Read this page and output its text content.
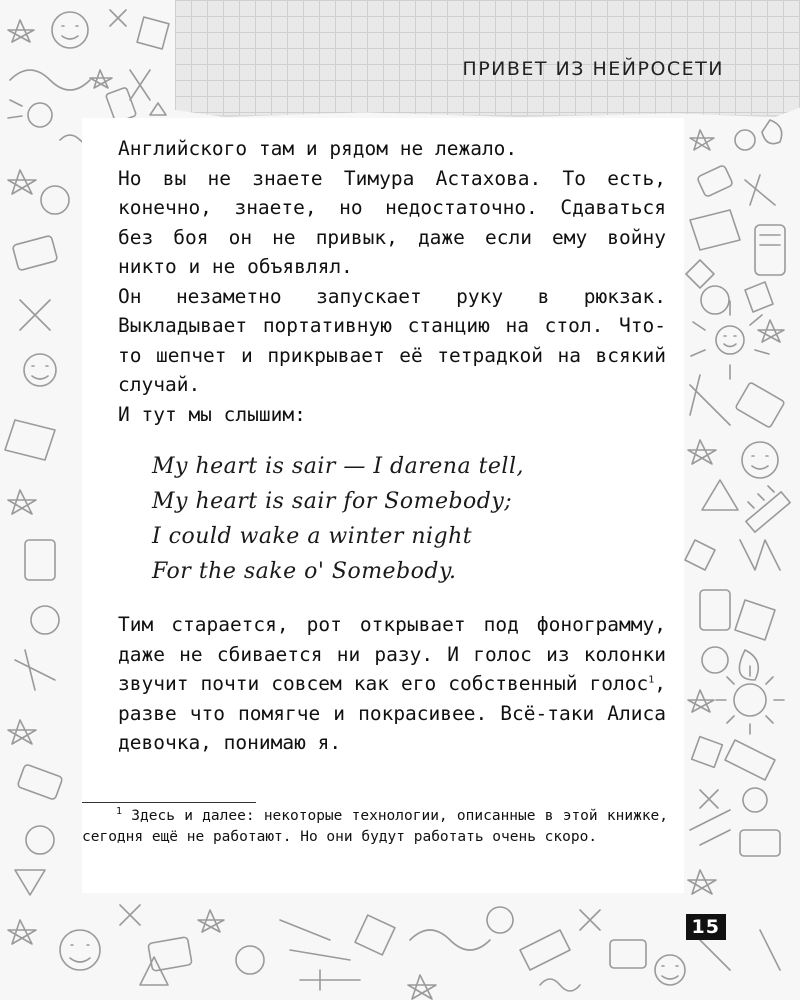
ПРИВЕТ ИЗ НЕЙРОСЕТИ

Английского там и рядом не лежало.

Но вы не знаете Тимура Астахова. То есть, конечно, знаете, но недостаточно. Сдаваться без боя он не привык, даже если ему войну никто и не объявлял.

Он незаметно запускает руку в рюкзак. Выкладывает портативную станцию на стол. Что-то шепчет и прикрывает её тетрадкой на всякий случай.

И тут мы слышим:

My heart is sair — I darena tell,
My heart is sair for Somebody;
I could wake a winter night
For the sake o' Somebody.

Тим старается, рот открывает под фонограмму, даже не сбивается ни разу. И голос из колонки звучит почти совсем как его собственный голос$^1$, разве что помягче и покрасивее. Всё-таки Алиса девочка, понимаю я.

$^1$ Здесь и далее: некоторые технологии, описанные в этой книжке, сегодня ещё не работают. Но они будут работать очень скоро.
15
